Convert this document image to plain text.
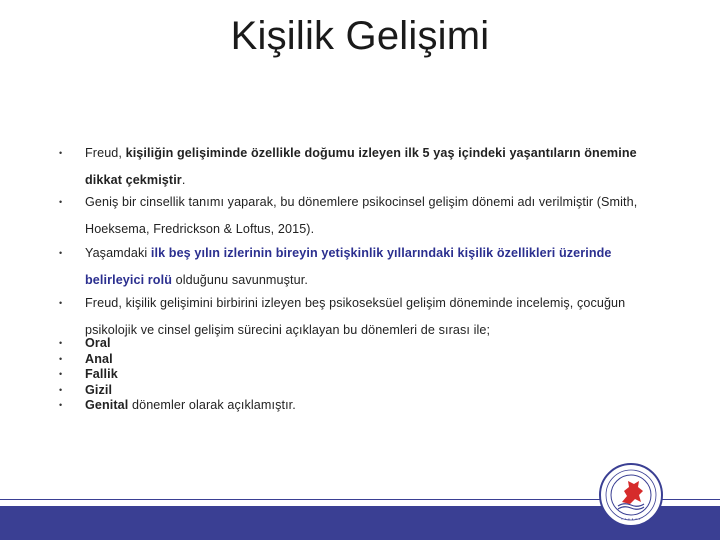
Kişilik Gelişimi
• Freud, kişiliğin gelişiminde özellikle doğumu izleyen ilk 5 yaş içindeki yaşantıların önemine
dikkat çekmiştir.
• Geniş bir cinsellik tanımı yaparak, bu dönemlere psikocinsel gelişim dönemi adı verilmiştir (Smith,
Hoeksema, Fredrickson & Loftus, 2015).
• Yaşamdaki ilk beş yılın izlerinin bireyin yetişkinlik yıllarındaki kişilik özellikleri üzerinde
belirleyici rolü olduğunu savunmuştur.
• Freud, kişilik gelişimini birbirini izleyen beş psikoseksüel gelişim döneminde incelemiş, çocuğun
psikolojik ve cinsel gelişim sürecini açıklayan bu dönemleri de sırası ile;
• Oral
• Anal
• Fallik
• Gizil
• Genital dönemler olarak açıklamıştır.
• • • • • •
